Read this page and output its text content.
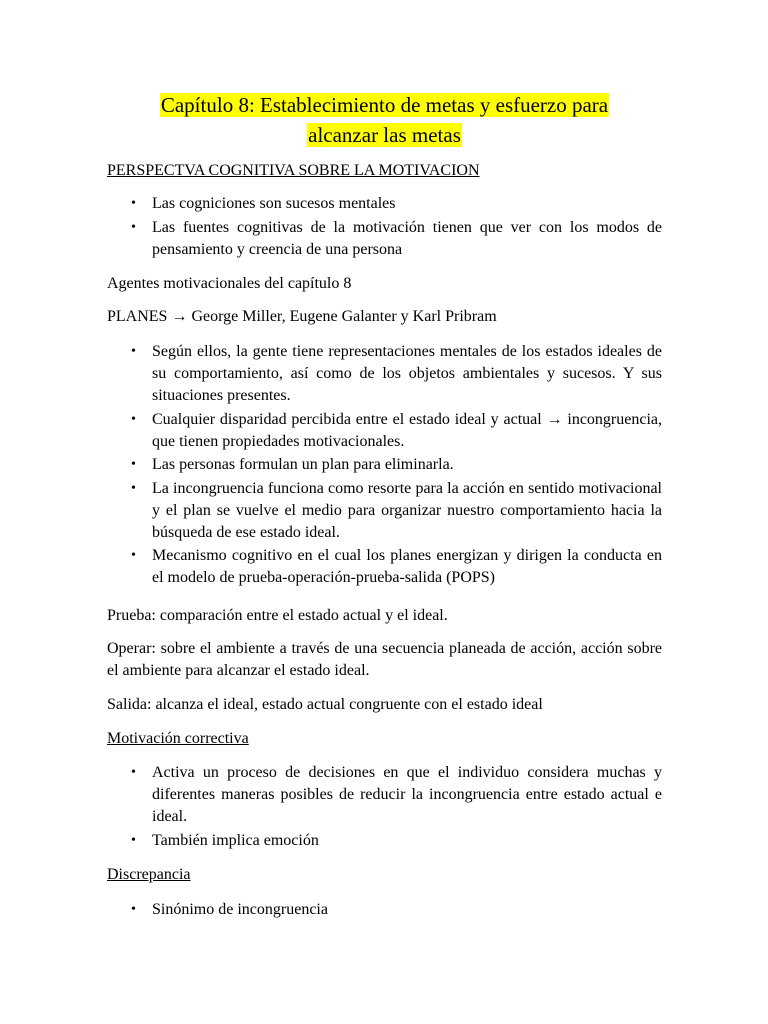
Capítulo 8: Establecimiento de metas y esfuerzo para
alcanzar las metas
PERSPECTVA COGNITIVA SOBRE LA MOTIVACION
• Las cogniciones son sucesos mentales
• Las fuentes cognitivas de la motivación tienen que ver con los modos de pensamiento y creencia de una persona
Agentes motivacionales del capítulo 8
PLANES → George Miller, Eugene Galanter y Karl Pribram
• Según ellos, la gente tiene representaciones mentales de los estados ideales de su comportamiento, así como de los objetos ambientales y sucesos. Y sus situaciones presentes.
• Cualquier disparidad percibida entre el estado ideal y actual → incongruencia, que tienen propiedades motivacionales.
• Las personas formulan un plan para eliminarla.
• La incongruencia funciona como resorte para la acción en sentido motivacional y el plan se vuelve el medio para organizar nuestro comportamiento hacia la búsqueda de ese estado ideal.
• Mecanismo cognitivo en el cual los planes energizan y dirigen la conducta en el modelo de prueba-operación-prueba-salida (POPS)
Prueba: comparación entre el estado actual y el ideal.
Operar: sobre el ambiente a través de una secuencia planeada de acción, acción sobre el ambiente para alcanzar el estado ideal.
Salida: alcanza el ideal, estado actual congruente con el estado ideal
Motivación correctiva
• Activa un proceso de decisiones en que el individuo considera muchas y diferentes maneras posibles de reducir la incongruencia entre estado actual e ideal.
• También implica emoción
Discrepancia
• Sinónimo de incongruencia
